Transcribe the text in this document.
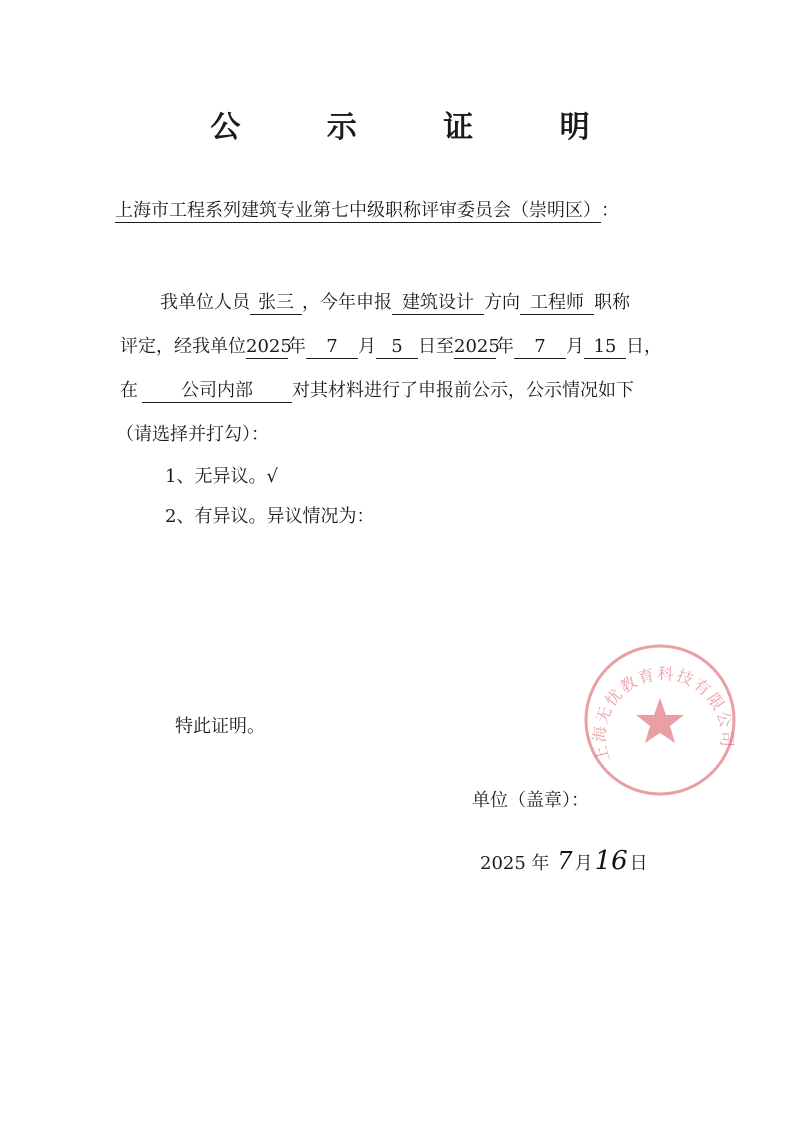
公 示 证 明
上海市工程系列建筑专业第七中级职称评审委员会（崇明区）：
我单位人员 张三 ，今年申报 建筑设计 方向 工程师 职称
评定，经我单位2025年 7 月 5 日至2025年 7 月 15 日，
在 公司内部 对其材料进行了申报前公示，公示情况如下
（请选择并打勾）：
1、无异议。√
2、有异议。异议情况为：
特此证明。
上海无忧教育科技有限公司
单位（盖章）：
2025 年 7 月16 日
